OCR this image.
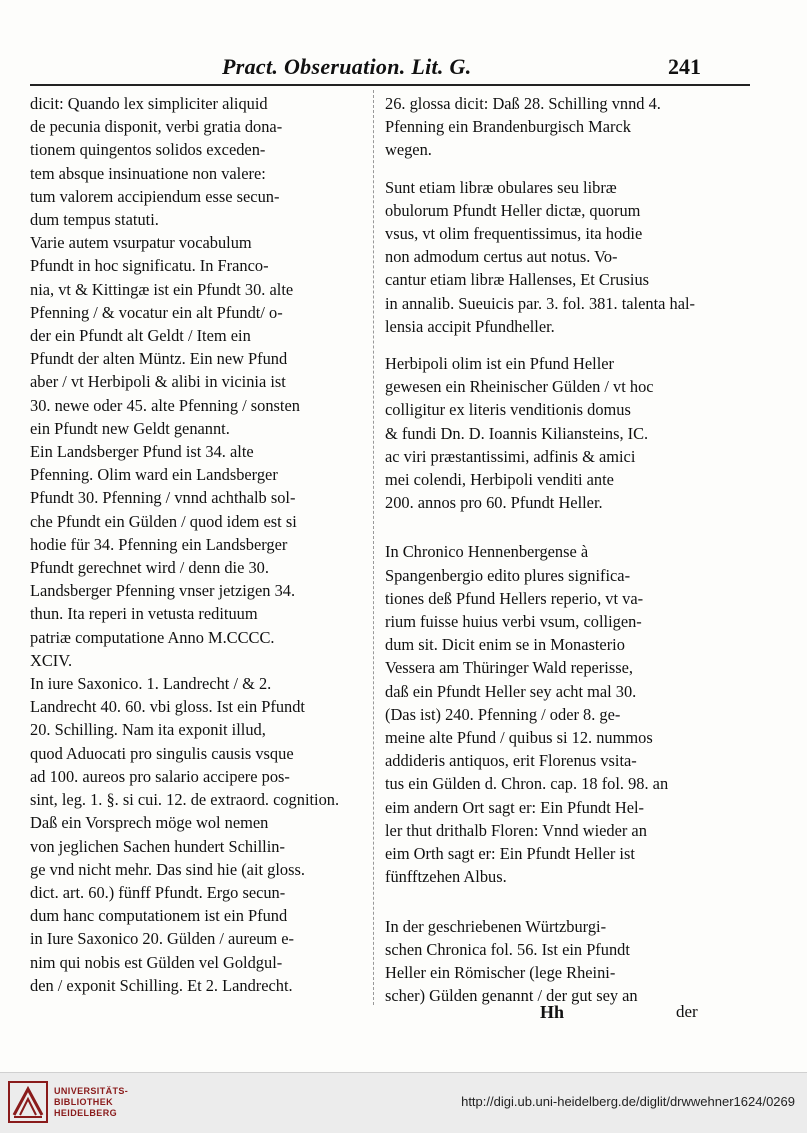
Pract. Obseruation. Lit. G.	241

dicit: Quando lex simpliciter aliquid
de pecunia disponit, verbi gratia dona-
tionem quingentos solidos exceden-
tem absque insinuatione non valere:
tum valorem accipiendum esse secun-
dum tempus statuti.

Varie autem vsurpatur vocabulum
Pfundt in hoc significatu. In Franco-
nia, vt & Kittingæ ist ein Pfundt 30. alte
Pfenning / & vocatur ein alt Pfundt/ o-
der ein Pfundt alt Geldt / Item ein
Pfundt der alten Müntz. Ein new Pfund
aber / vt Herbipoli & alibi in vicinia ist
30. newe oder 45. alte Pfenning / sonsten
ein Pfundt new Geldt genannt.

Ein Landsberger Pfund ist 34. alte
Pfenning. Olim ward ein Landsberger
Pfundt 30. Pfenning / vnnd achthalb sol-
che Pfundt ein Gülden / quod idem est si
hodie für 34. Pfenning ein Landsberger
Pfundt gerechnet wird / denn die 30.
Landsberger Pfenning vnser jetzigen 34.
thun. Ita reperi in vetusta redituum
patriæ computatione Anno M.CCCC.
XCIV.

In iure Saxonico. 1. Landrecht / & 2.
Landrecht 40. 60. vbi gloss. Ist ein Pfundt
20. Schilling. Nam ita exponit illud,
quod Aduocati pro singulis causis vsque
ad 100. aureos pro salario accipere pos-
sint, leg. 1. §. si cui. 12. de extraord. cognition.
Daß ein Vorsprech möge wol nemen
von jeglichen Sachen hundert Schillin-
ge vnd nicht mehr. Das sind hie (ait gloss.
dict. art. 60.) fünff Pfundt. Ergo secun-
dum hanc computationem ist ein Pfund
in Iure Saxonico 20. Gülden / aureum e-
nim qui nobis est Gülden vel Goldgul-
den / exponit Schilling. Et 2. Landrecht.

26. glossa dicit: Daß 28. Schilling vnnd 4.
Pfenning ein Brandenburgisch Marck
wegen.

Sunt etiam libræ obulares seu libræ
obulorum Pfundt Heller dictæ, quorum
vsus, vt olim frequentissimus, ita hodie
non admodum certus aut notus. Vo-
cantur etiam libræ Hallenses, Et Crusius
in annalib. Sueuicis par. 3. fol. 381. talenta hal-
lensia accipit Pfundheller.

Herbipoli olim ist ein Pfund Heller
gewesen ein Rheinischer Gülden / vt hoc
colligitur ex literis venditionis domus
& fundi Dn. D. Ioannis Kiliansteins, IC.
ac viri præstantissimi, adfinis & amici
mei colendi, Herbipoli venditi ante
200. annos pro 60. Pfundt Heller.

In Chronico Hennenbergense à
Spangenbergio edito plures significa-
tiones deß Pfund Hellers reperio, vt va-
rium fuisse huius verbi vsum, colligen-
dum sit. Dicit enim se in Monasterio
Vessera am Thüringer Wald reperisse,
daß ein Pfundt Heller sey acht mal 30.
(Das ist) 240. Pfenning / oder 8. ge-
meine alte Pfund / quibus si 12. nummos
addideris antiquos, erit Florenus vsita-
tus ein Gülden d. Chron. cap. 18 fol. 98. an
eim andern Ort sagt er: Ein Pfundt Hel-
ler thut drithalb Floren: Vnnd wieder an
eim Orth sagt er: Ein Pfundt Heller ist
fünfftzehen Albus.

In der geschriebenen Würtzburgi-
schen Chronica fol. 56. Ist ein Pfundt
Heller ein Römischer (lege Rheini-
scher) Gülden genannt / der gut sey an

Hh	der
UNIVERSITÄTS-
BIBLIOTHEK
HEIDELBERG
http://digi.ub.uni-heidelberg.de/diglit/drwwehner1624/0269
